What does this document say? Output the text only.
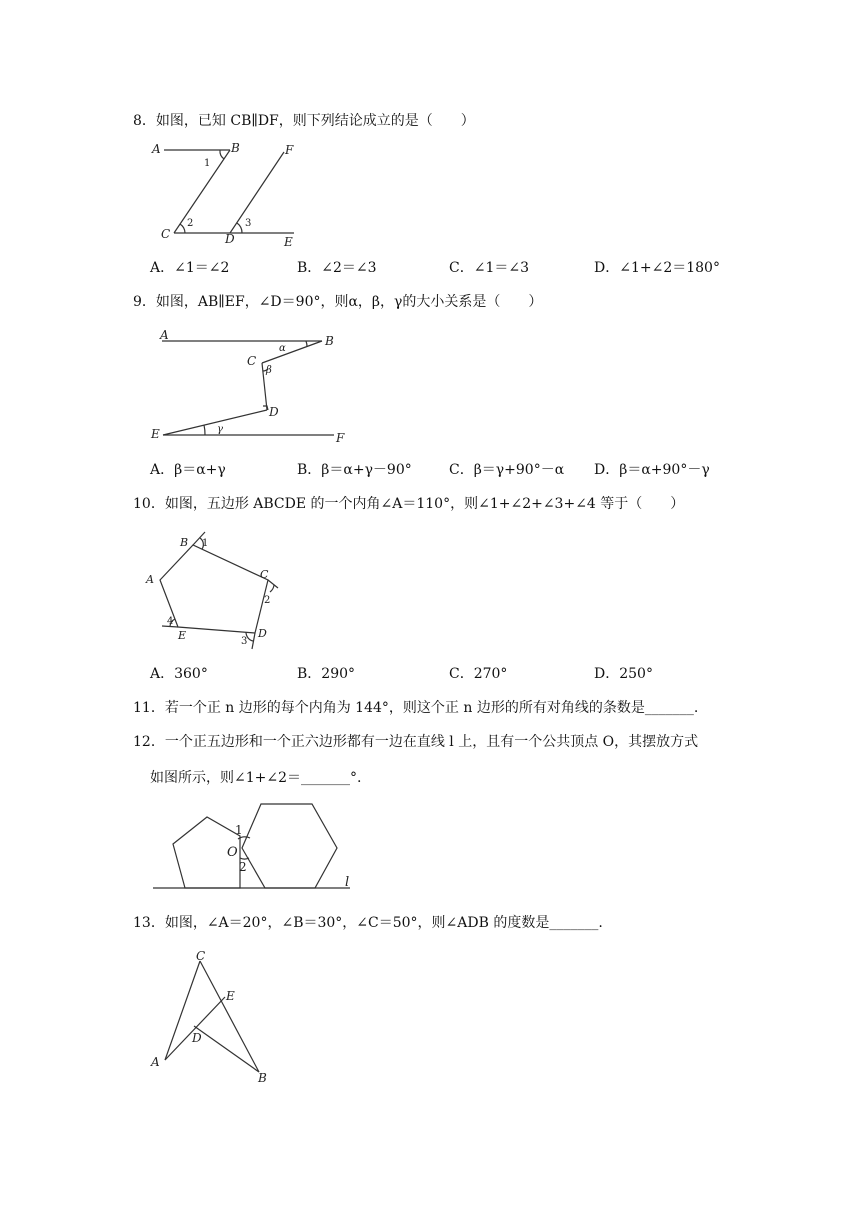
8．如图，已知 CB∥DF，则下列结论成立的是（　　）
A	B
C	D	E
F
1
2	3
A．∠1＝∠2	B．∠2＝∠3	C．∠1＝∠3	D．∠1+∠2＝180°
9．如图，AB∥EF，∠D＝90°，则α，β，γ的大小关系是（　　）
A	B
C
D
E	F
α
β
γ
A．β＝α+γ	B．β＝α+γ－90°	C．β＝γ+90°－α D．β＝α+90°－γ
10．如图，五边形 ABCDE 的一个内角∠A＝110°，则∠1+∠2+∠3+∠4 等于（　　）
A
B
C
D
E
1
2
3
4
A．360°	B．290°	C．270°	D．250°
11．若一个正 n 边形的每个内角为 144°，则这个正 n 边形的所有对角线的条数是_______.
12．一个正五边形和一个正六边形都有一边在直线 l 上，且有一个公共顶点 O，其摆放方式
如图所示，则∠1+∠2＝_______°.
O
l
1
2
13．如图，∠A＝20°，∠B＝30°，∠C＝50°，则∠ADB 的度数是_______.
C
E
D
A
B
